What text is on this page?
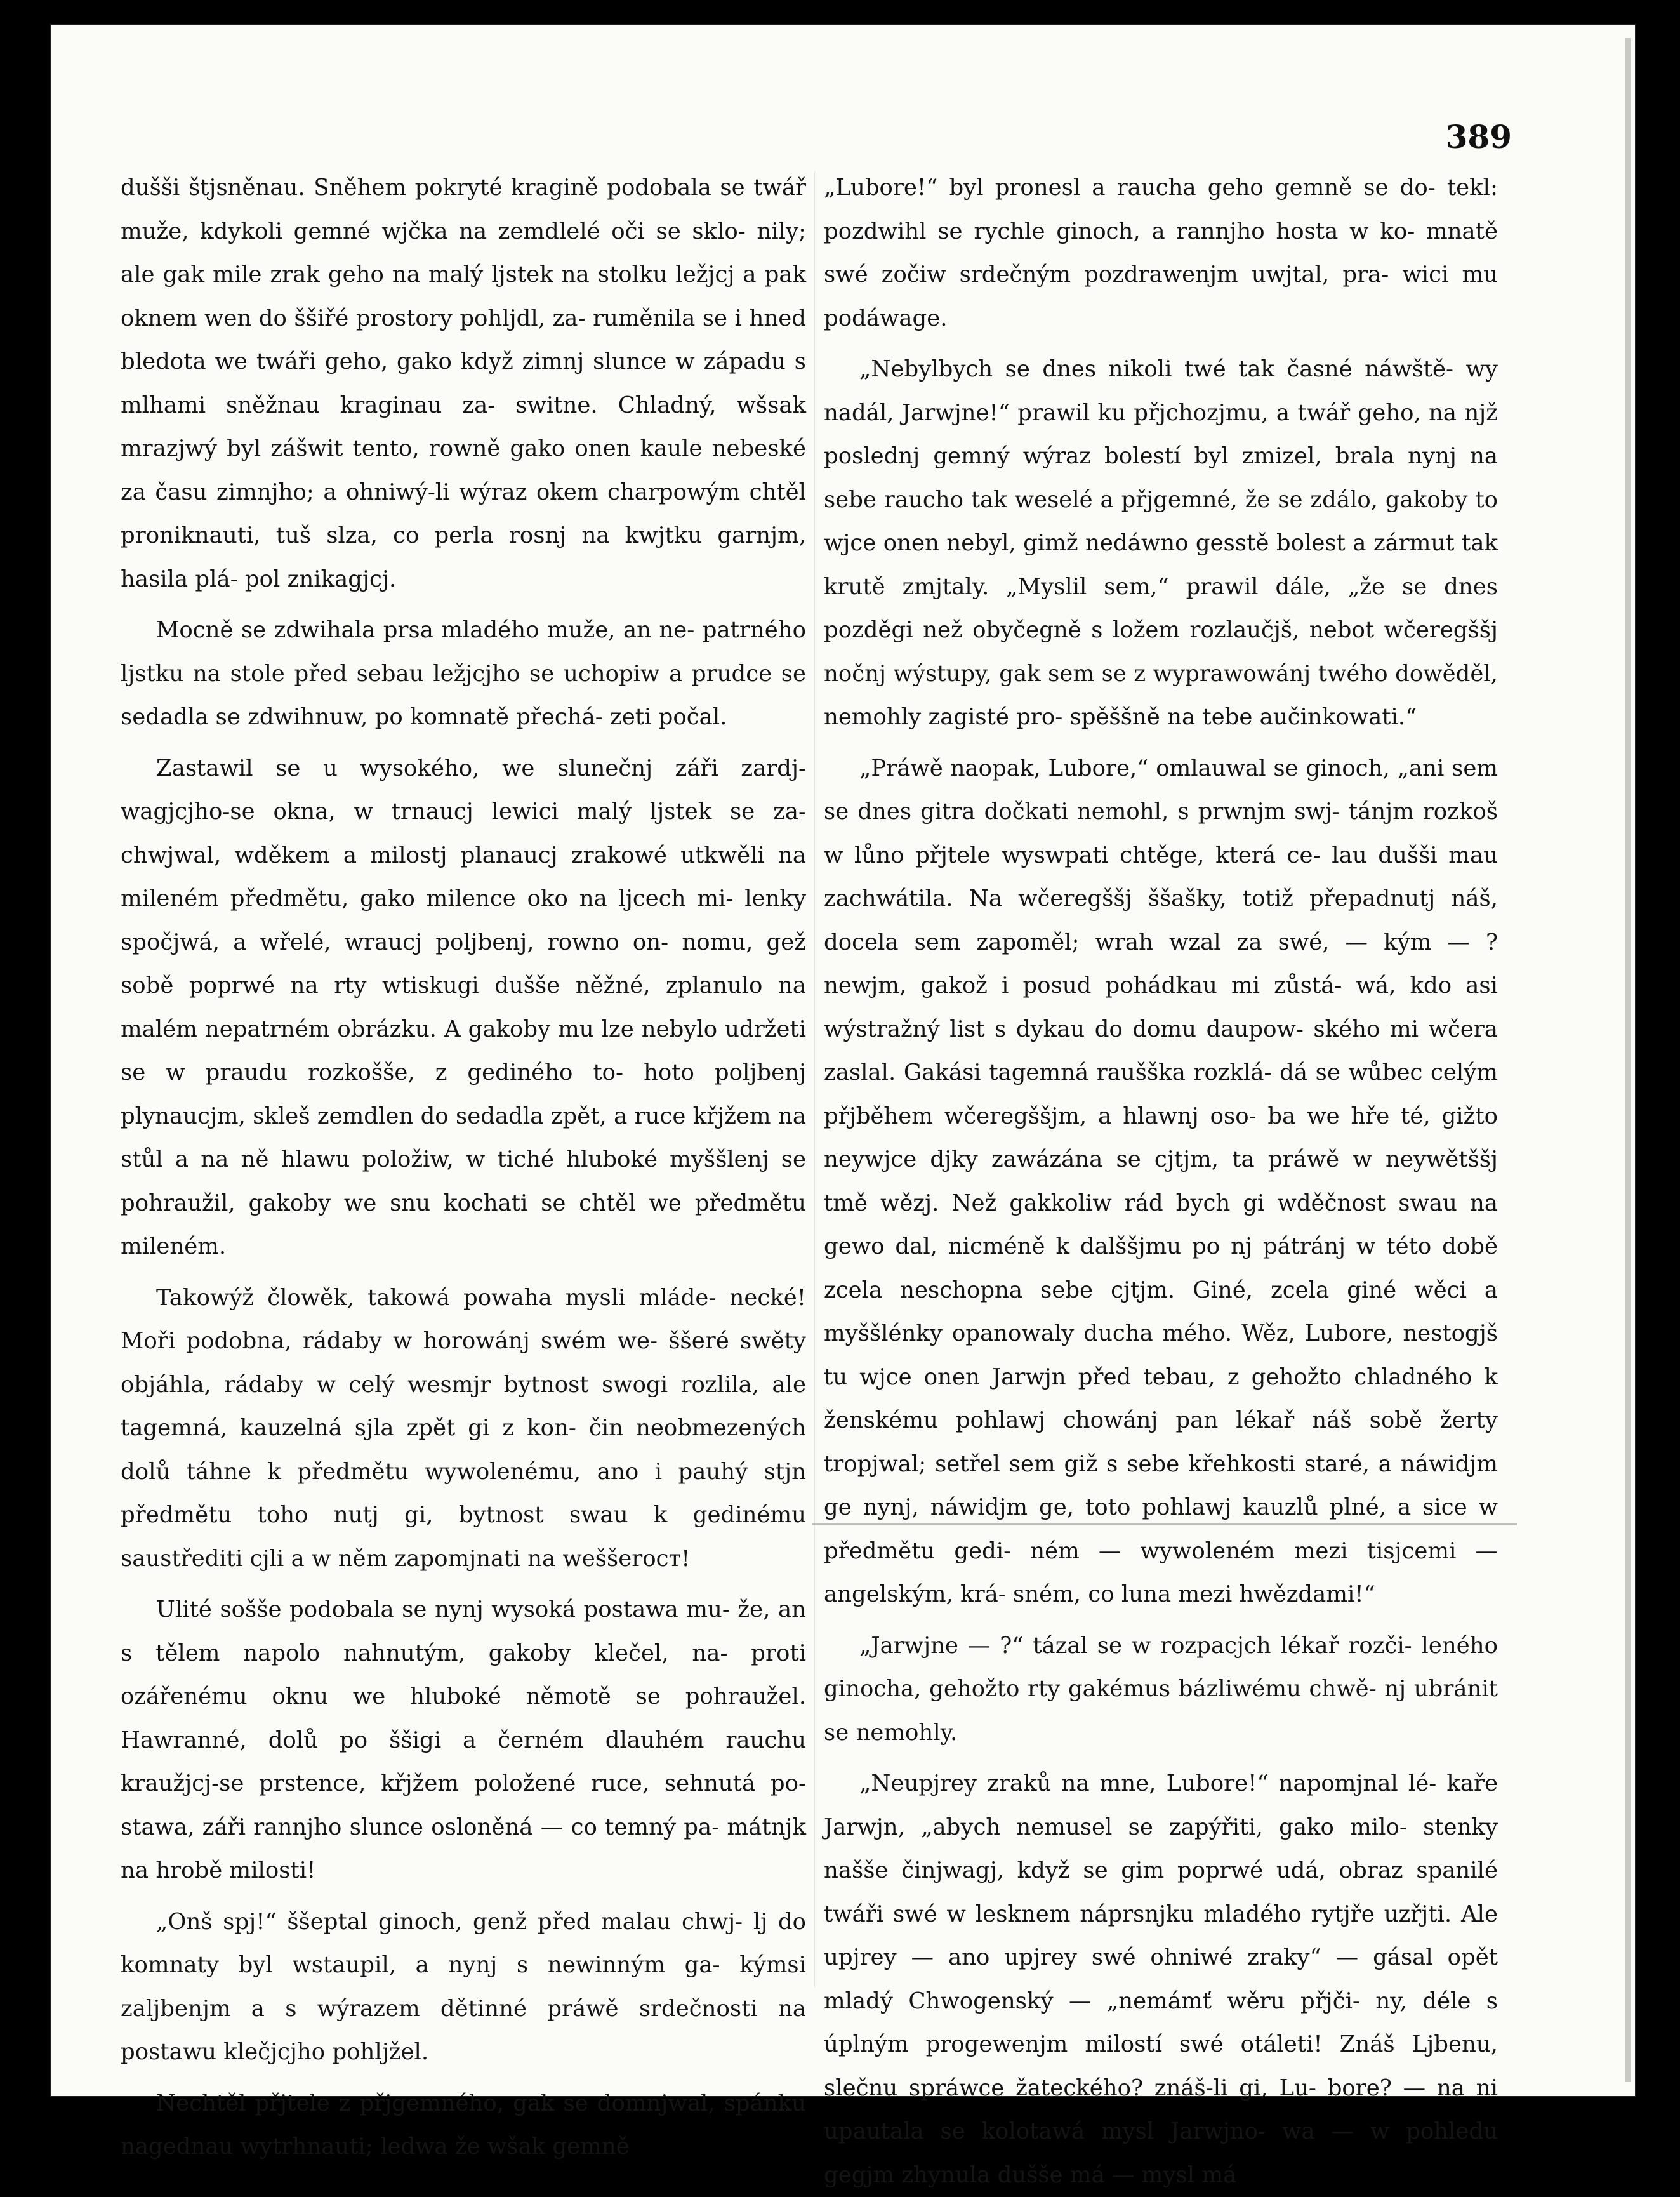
389

dušši štjsněnau. Sněhem pokryté kragině podobala se twář muže, kdykoli gemné wjčka na zemdlelé oči se sklo- nily; ale gak mile zrak geho na malý ljstek na stolku ležjcj a pak oknem wen do ššiřé prostory pohljdl, za- ruměnila se i hned bledota we twáři geho, gako když zimnj slunce w západu s mlhami sněžnau kraginau za- switne. Chladný, wšsak mrazjwý byl zášwit tento, rowně gako onen kaule nebeské za času zimnjho; a ohniwý-li wýraz okem charpowým chtěl proniknauti, tuš slza, co perla rosnj na kwjtku garnjm, hasila plá- pol znikagjcj.

Mocně se zdwihala prsa mladého muže, an ne- patrného ljstku na stole před sebau ležjcjho se uchopiw a prudce se sedadla se zdwihnuw, po komnatě přechá- zeti počal.

Zastawil se u wysokého, we slunečnj záři zardj- wagjcjho-se okna, w trnaucj lewici malý ljstek se za- chwjwal, wděkem a milostj planaucj zrakowé utkwěli na mileném předmětu, gako milence oko na ljcech mi- lenky spočjwá, a wřelé, wraucj poljbenj, rowno on- nomu, gež sobě poprwé na rty wtiskugi dušše něžné, zplanulo na malém nepatrném obrázku. A gakoby mu lze nebylo udržeti se w praudu rozkošše, z gediného to- hoto poljbenj plynaucjm, skleš zemdlen do sedadla zpět, a ruce křjžem na stůl a na ně hlawu položiw, w tiché hluboké myššlenj se pohraužil, gakoby we snu kochati se chtěl we předmětu mileném.

Takowýž člowěk, takowá powaha mysli mláde- necké! Moři podobna, rádaby w horowánj swém we- ššeré swěty objáhla, rádaby w celý wesmjr bytnost swogi rozlila, ale tagemná, kauzelná sjla zpět gi z kon- čin neobmezených dolů táhne k předmětu wywolenému, ano i pauhý stjn předmětu toho nutj gi, bytnost swau k gedinému saustřediti cjli a w něm zapomjnati na weššeroст!

Ulité sošše podobala se nynj wysoká postawa mu- že, an s tělem napolo nahnutým, gakoby klečel, na- proti ozářenému oknu we hluboké němotě se pohraužel. Hawranné, dolů po ššigi a černém dlauhém rauchu kraužjcj-se prstence, křjžem položené ruce, sehnutá po- stawa, záři rannjho slunce osloněná — co temný pa- mátnjk na hrobě milosti!

„Onš spj!“ ššeptal ginoch, genž před malau chwj- lj do komnaty byl wstaupil, a nynj s newinným ga- kýmsi zaljbenjm a s wýrazem dětinné práwě srdečnosti na postawu klečjcjho pohljžel.

Nechtěl přjtele z přjgemného, gak se domnjwal, spánku nagednau wytrhnauti; ledwa že wšak gemně

„Lubore!“ byl pronesl a raucha geho gemně se do- tekl: pozdwihl se rychle ginoch, a rannjho hosta w ko- mnatě swé zočiw srdečným pozdrawenjm uwjtal, pra- wici mu podáwage.

„Nebylbych se dnes nikoli twé tak časné náwště- wy nadál, Jarwjne!“ prawil ku přjchozjmu, a twář geho, na njž poslednj gemný wýraz bolestí byl zmizel, brala nynj na sebe raucho tak weselé a přjgemné, že se zdálo, gakoby to wjce onen nebyl, gimž nedáwno gesstě bolest a zármut tak krutě zmjtaly. „Myslil sem,“ prawil dále, „že se dnes pozděgi než obyčegně s ložem rozlaučjš, nebot wčeregššj nočnj wýstupy, gak sem se z wyprawowánj twého dowěděl, nemohly zagisté pro- spěššně na tebe aučinkowati.“

„Práwě naopak, Lubore,“ omlauwal se ginoch, „ani sem se dnes gitra dočkati nemohl, s prwnjm swj- tánjm rozkoš w lůno přjtele wyswpati chtěge, která ce- lau dušši mau zachwátila. Na wčeregššj ššašky, totiž přepadnutj náš, docela sem zapoměl; wrah wzal za swé, — kým — ? newjm, gakož i posud pohádkau mi zůstá- wá, kdo asi wýstražný list s dykau do domu daupow- ského mi wčera zaslal. Gakási tagemná raušška rozklá- dá se wůbec celým přjběhem wčeregššjm, a hlawnj oso- ba we hře té, gižto neywjce djky zawázána se cjtjm, ta práwě w neywětššj tmě wězj. Než gakkoliw rád bych gi wděčnost swau na gewo dal, nicméně k dalššjmu po nj pátránj w této době zcela neschopna sebe cjtjm. Giné, zcela giné wěci a myššlénky opanowaly ducha mého. Wěz, Lubore, nestogjš tu wjce onen Jarwjn před tebau, z gehožto chladného k ženskému pohlawj chowánj pan lékař náš sobě žerty tropjwal; setřel sem giž s sebe křehkosti staré, a náwidjm ge nynj, náwidjm ge, toto pohlawj kauzlů plné, a sice w předmětu gedi- ném — wywoleném mezi tisjcemi — angelským, krá- sném, co luna mezi hwězdami!“

„Jarwjne — ?“ tázal se w rozpacjch lékař rozči- leného ginocha, gehožto rty gakémus bázliwému chwě- nj ubránit se nemohly.

„Neupjrey zraků na mne, Lubore!“ napomjnal lé- kaře Jarwjn, „abych nemusel se zapýřiti, gako milo- stenky našše činjwagj, když se gim poprwé udá, obraz spanilé twáři swé w lesknem náprsnjku mladého rytjře uzřjti. Ale upjrey — ano upjrey swé ohniwé zraky“ — gásal opět mladý Chwogenský — „nemámť wěru přjči- ny, déle s úplným progewenjm milostí swé otáleti! Znáš Ljbenu, slečnu spráwce žateckého? znáš-li gi, Lu- bore? — na ni upautala se kolotawá mysl Jarwjno- wa — w pohledu gegjm zhynula dušše má — mysl má
